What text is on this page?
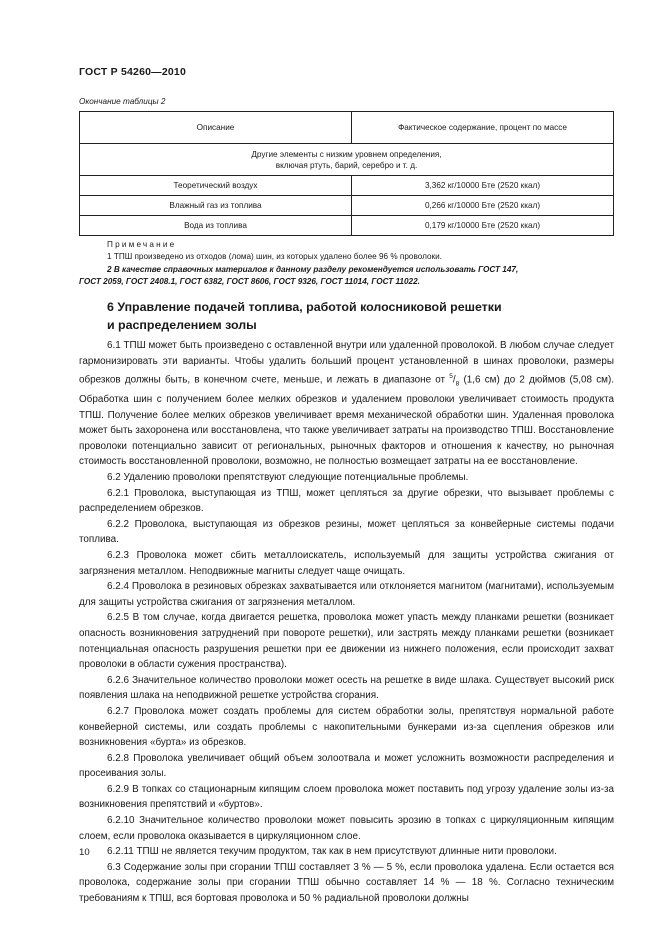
ГОСТ Р 54260—2010
Окончание таблицы 2
Описание	Фактическое содержание, процент по массе

Другие элементы с низким уровнем определения,
включая ртуть, барий, серебро и т. д.	

Теоретический воздух	3,362 кг/10000 Бте (2520 ккал)
Влажный газ из топлива	0,266 кг/10000 Бте (2520 ккал)
Вода из топлива	0,179 кг/10000 Бте (2520 ккал)
Примечание
1 ТПШ произведено из отходов (лома) шин, из которых удалено более 96 % проволоки.
2 В качестве справочных материалов к данному разделу рекомендуется использовать ГОСТ 147,
ГОСТ 2059, ГОСТ 2408.1, ГОСТ 6382, ГОСТ 8606, ГОСТ 9326, ГОСТ 11014, ГОСТ 11022.
6 Управление подачей топлива, работой колосниковой решетки
и распределением золы
6.1 ТПШ может быть произведено с оставленной внутри или удаленной проволокой. В любом случае следует гармонизировать эти варианты. Чтобы удалить больший процент установленной в шинах проволоки, размеры обрезков должны быть, в конечном счете, меньше, и лежать в диапазоне от $^5/_8$ (1,6 см) до 2 дюймов (5,08 см). Обработка шин с получением более мелких обрезков и удалением проволоки увеличивает стоимость продукта ТПШ. Получение более мелких обрезков увеличивает время механической обработки шин. Удаленная проволока может быть захоронена или восстановлена, что также увеличивает затраты на производство ТПШ. Восстановление проволоки потенциально зависит от региональных, рыночных факторов и отношения к качеству, но рыночная стоимость восстановленной проволоки, возможно, не полностью возмещает затраты на ее восстановление.
6.2 Удалению проволоки препятствуют следующие потенциальные проблемы.
6.2.1 Проволока, выступающая из ТПШ, может цепляться за другие обрезки, что вызывает проблемы с распределением обрезков.
6.2.2 Проволока, выступающая из обрезков резины, может цепляться за конвейерные системы подачи топлива.
6.2.3 Проволока может сбить металлоискатель, используемый для защиты устройства сжигания от загрязнения металлом. Неподвижные магниты следует чаще очищать.
6.2.4 Проволока в резиновых обрезках захватывается или отклоняется магнитом (магнитами), используемым для защиты устройства сжигания от загрязнения металлом.
6.2.5 В том случае, когда двигается решетка, проволока может упасть между планками решетки (возникает опасность возникновения затруднений при повороте решетки), или застрять между планками решетки (возникает потенциальная опасность разрушения решетки при ее движении из нижнего положения, если происходит захват проволоки в области сужения пространства).
6.2.6 Значительное количество проволоки может осесть на решетке в виде шлака. Существует высокий риск появления шлака на неподвижной решетке устройства сгорания.
6.2.7 Проволока может создать проблемы для систем обработки золы, препятствуя нормальной работе конвейерной системы, или создать проблемы с накопительными бункерами из-за сцепления обрезков или возникновения «бурта» из обрезков.
6.2.8 Проволока увеличивает общий объем золоотвала и может усложнить возможности распределения и просеивания золы.
6.2.9 В топках со стационарным кипящим слоем проволока может поставить под угрозу удаление золы из-за возникновения препятствий и «буртов».
6.2.10 Значительное количество проволоки может повысить эрозию в топках с циркуляционным кипящим слоем, если проволока оказывается в циркуляционном слое.
6.2.11 ТПШ не является текучим продуктом, так как в нем присутствуют длинные нити проволоки.
6.3 Содержание золы при сгорании ТПШ составляет 3 % — 5 %, если проволока удалена. Если остается вся проволока, содержание золы при сгорании ТПШ обычно составляет 14 % — 18 %. Согласно техническим требованиям к ТПШ, вся бортовая проволока и 50 % радиальной проволоки должны
10
